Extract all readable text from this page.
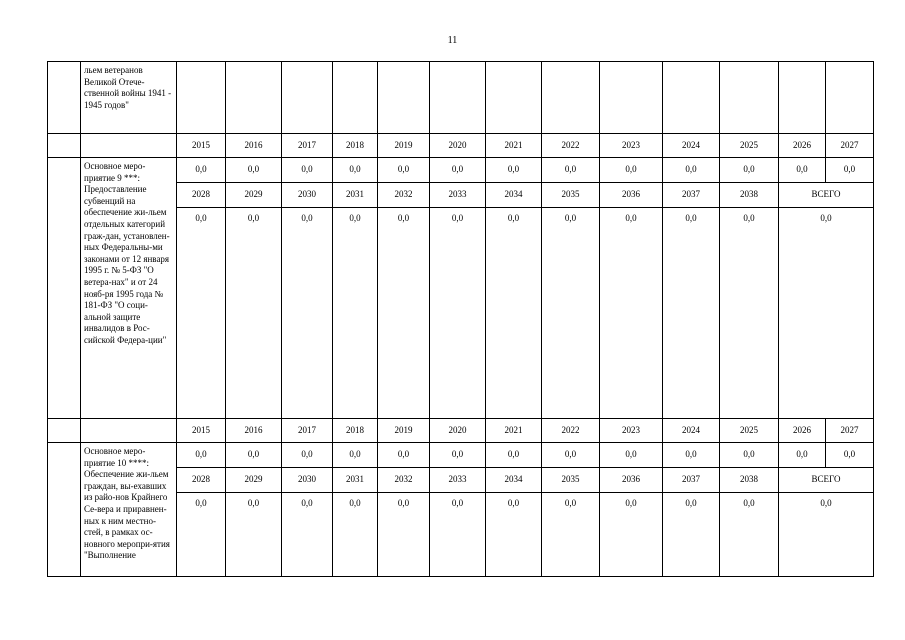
11
	льем ветеранов Великой Отече-ственной войны 1941 - 1945 годов"													
		2015	2016	2017	2018	2019	2020	2021	2022	2023	2024	2025	2026	2027
	Основное меро-приятие 9 ***: Предоставление субвенций на обеспечение жи-льем отдельных категорий граж-дан, установлен-ных Федеральны-ми законами от 12 января 1995 г. № 5-ФЗ "О ветера-нах" и от 24 нояб-ря 1995 года № 181-ФЗ "О соци-альной защите инвалидов в Рос-сийской Федера-ции"	0,0	0,0	0,0	0,0	0,0	0,0	0,0	0,0	0,0	0,0	0,0	0,0	0,0
		2028	2029	2030	2031	2032	2033	2034	2035	2036	2037	2038	ВСЕГО	
		0,0	0,0	0,0	0,0	0,0	0,0	0,0	0,0	0,0	0,0	0,0	0,0	
		2015	2016	2017	2018	2019	2020	2021	2022	2023	2024	2025	2026	2027
	Основное меро-приятие 10 ****: Обеспечение жи-льем граждан, вы-ехавших из райо-нов Крайнего Се-вера и приравнен-ных к ним местно-стей, в рамках ос-новного меропри-ятия "Выполнение	0,0	0,0	0,0	0,0	0,0	0,0	0,0	0,0	0,0	0,0	0,0	0,0	0,0
		2028	2029	2030	2031	2032	2033	2034	2035	2036	2037	2038	ВСЕГО	
		0,0	0,0	0,0	0,0	0,0	0,0	0,0	0,0	0,0	0,0	0,0	0,0	
